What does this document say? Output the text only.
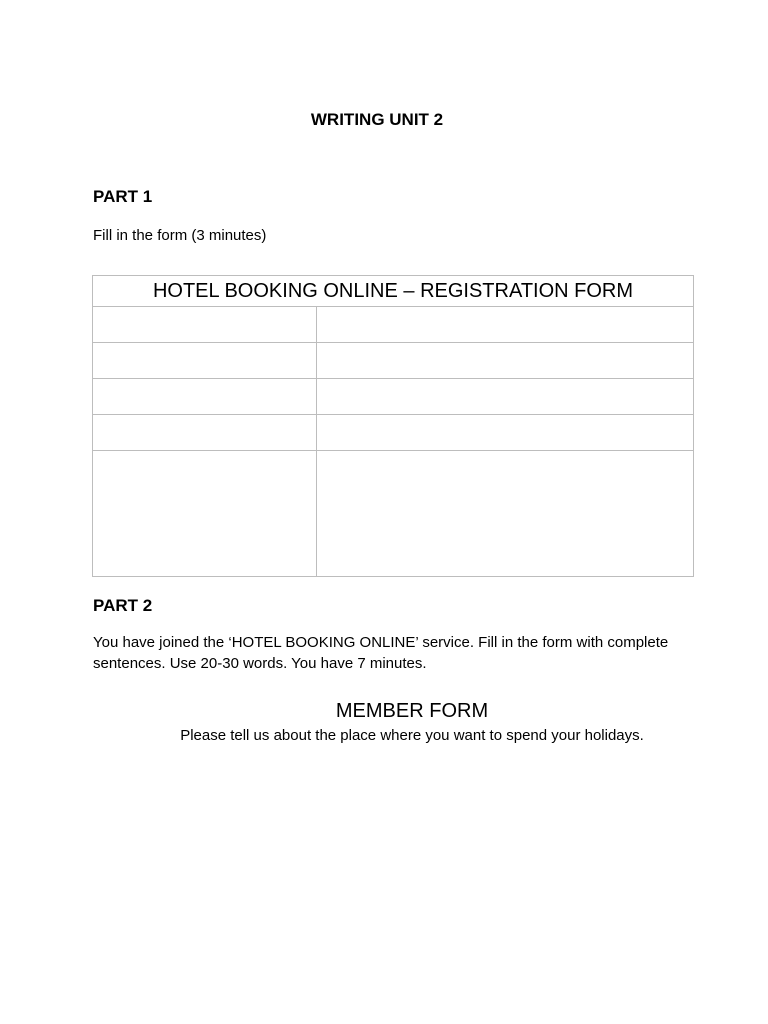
WRITING UNIT 2
PART 1
Fill in the form (3 minutes)
HOTEL BOOKING ONLINE – REGISTRATION FORM	

PART 2
You have joined the ‘HOTEL BOOKING ONLINE’ service. Fill in the form with complete sentences. Use 20-30 words. You have 7 minutes.
MEMBER FORM
Please tell us about the place where you want to spend your holidays.
